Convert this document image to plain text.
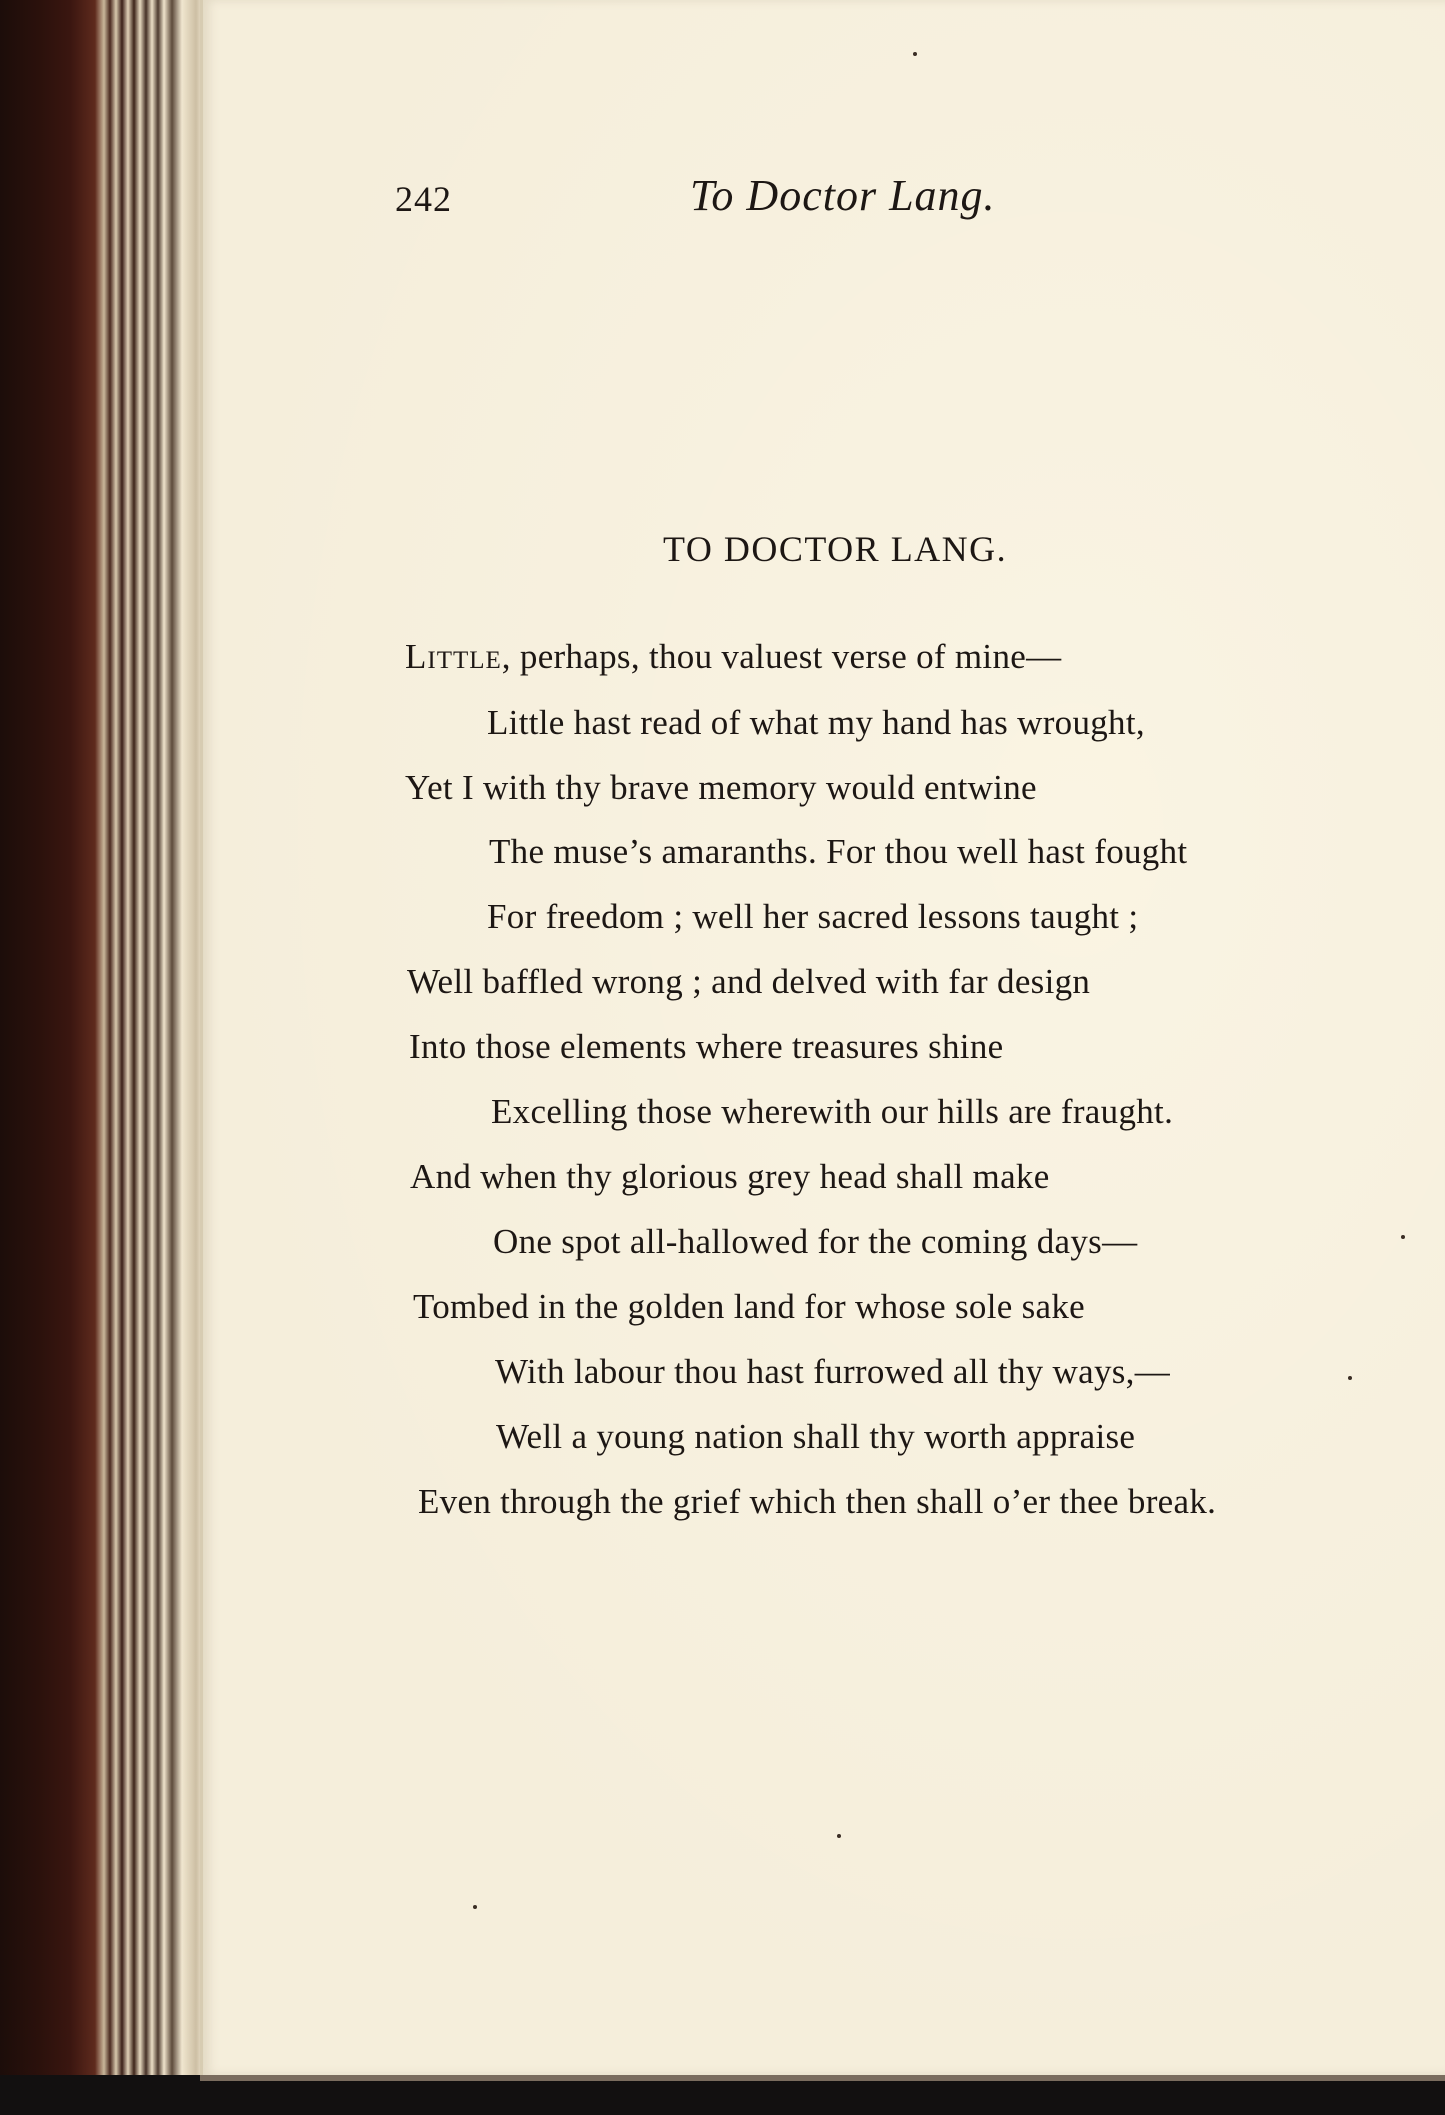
242	To Doctor Lang.
TO DOCTOR LANG.
Little, perhaps, thou valuest verse of mine—
Little hast read of what my hand has wrought,
Yet I with thy brave memory would entwine
The muse’s amaranths. For thou well hast fought
For freedom ; well her sacred lessons taught ;
Well baffled wrong ; and delved with far design
Into those elements where treasures shine
Excelling those wherewith our hills are fraught.
And when thy glorious grey head shall make
One spot all-hallowed for the coming days—
Tombed in the golden land for whose sole sake
With labour thou hast furrowed all thy ways,—
Well a young nation shall thy worth appraise
Even through the grief which then shall o’er thee break.
